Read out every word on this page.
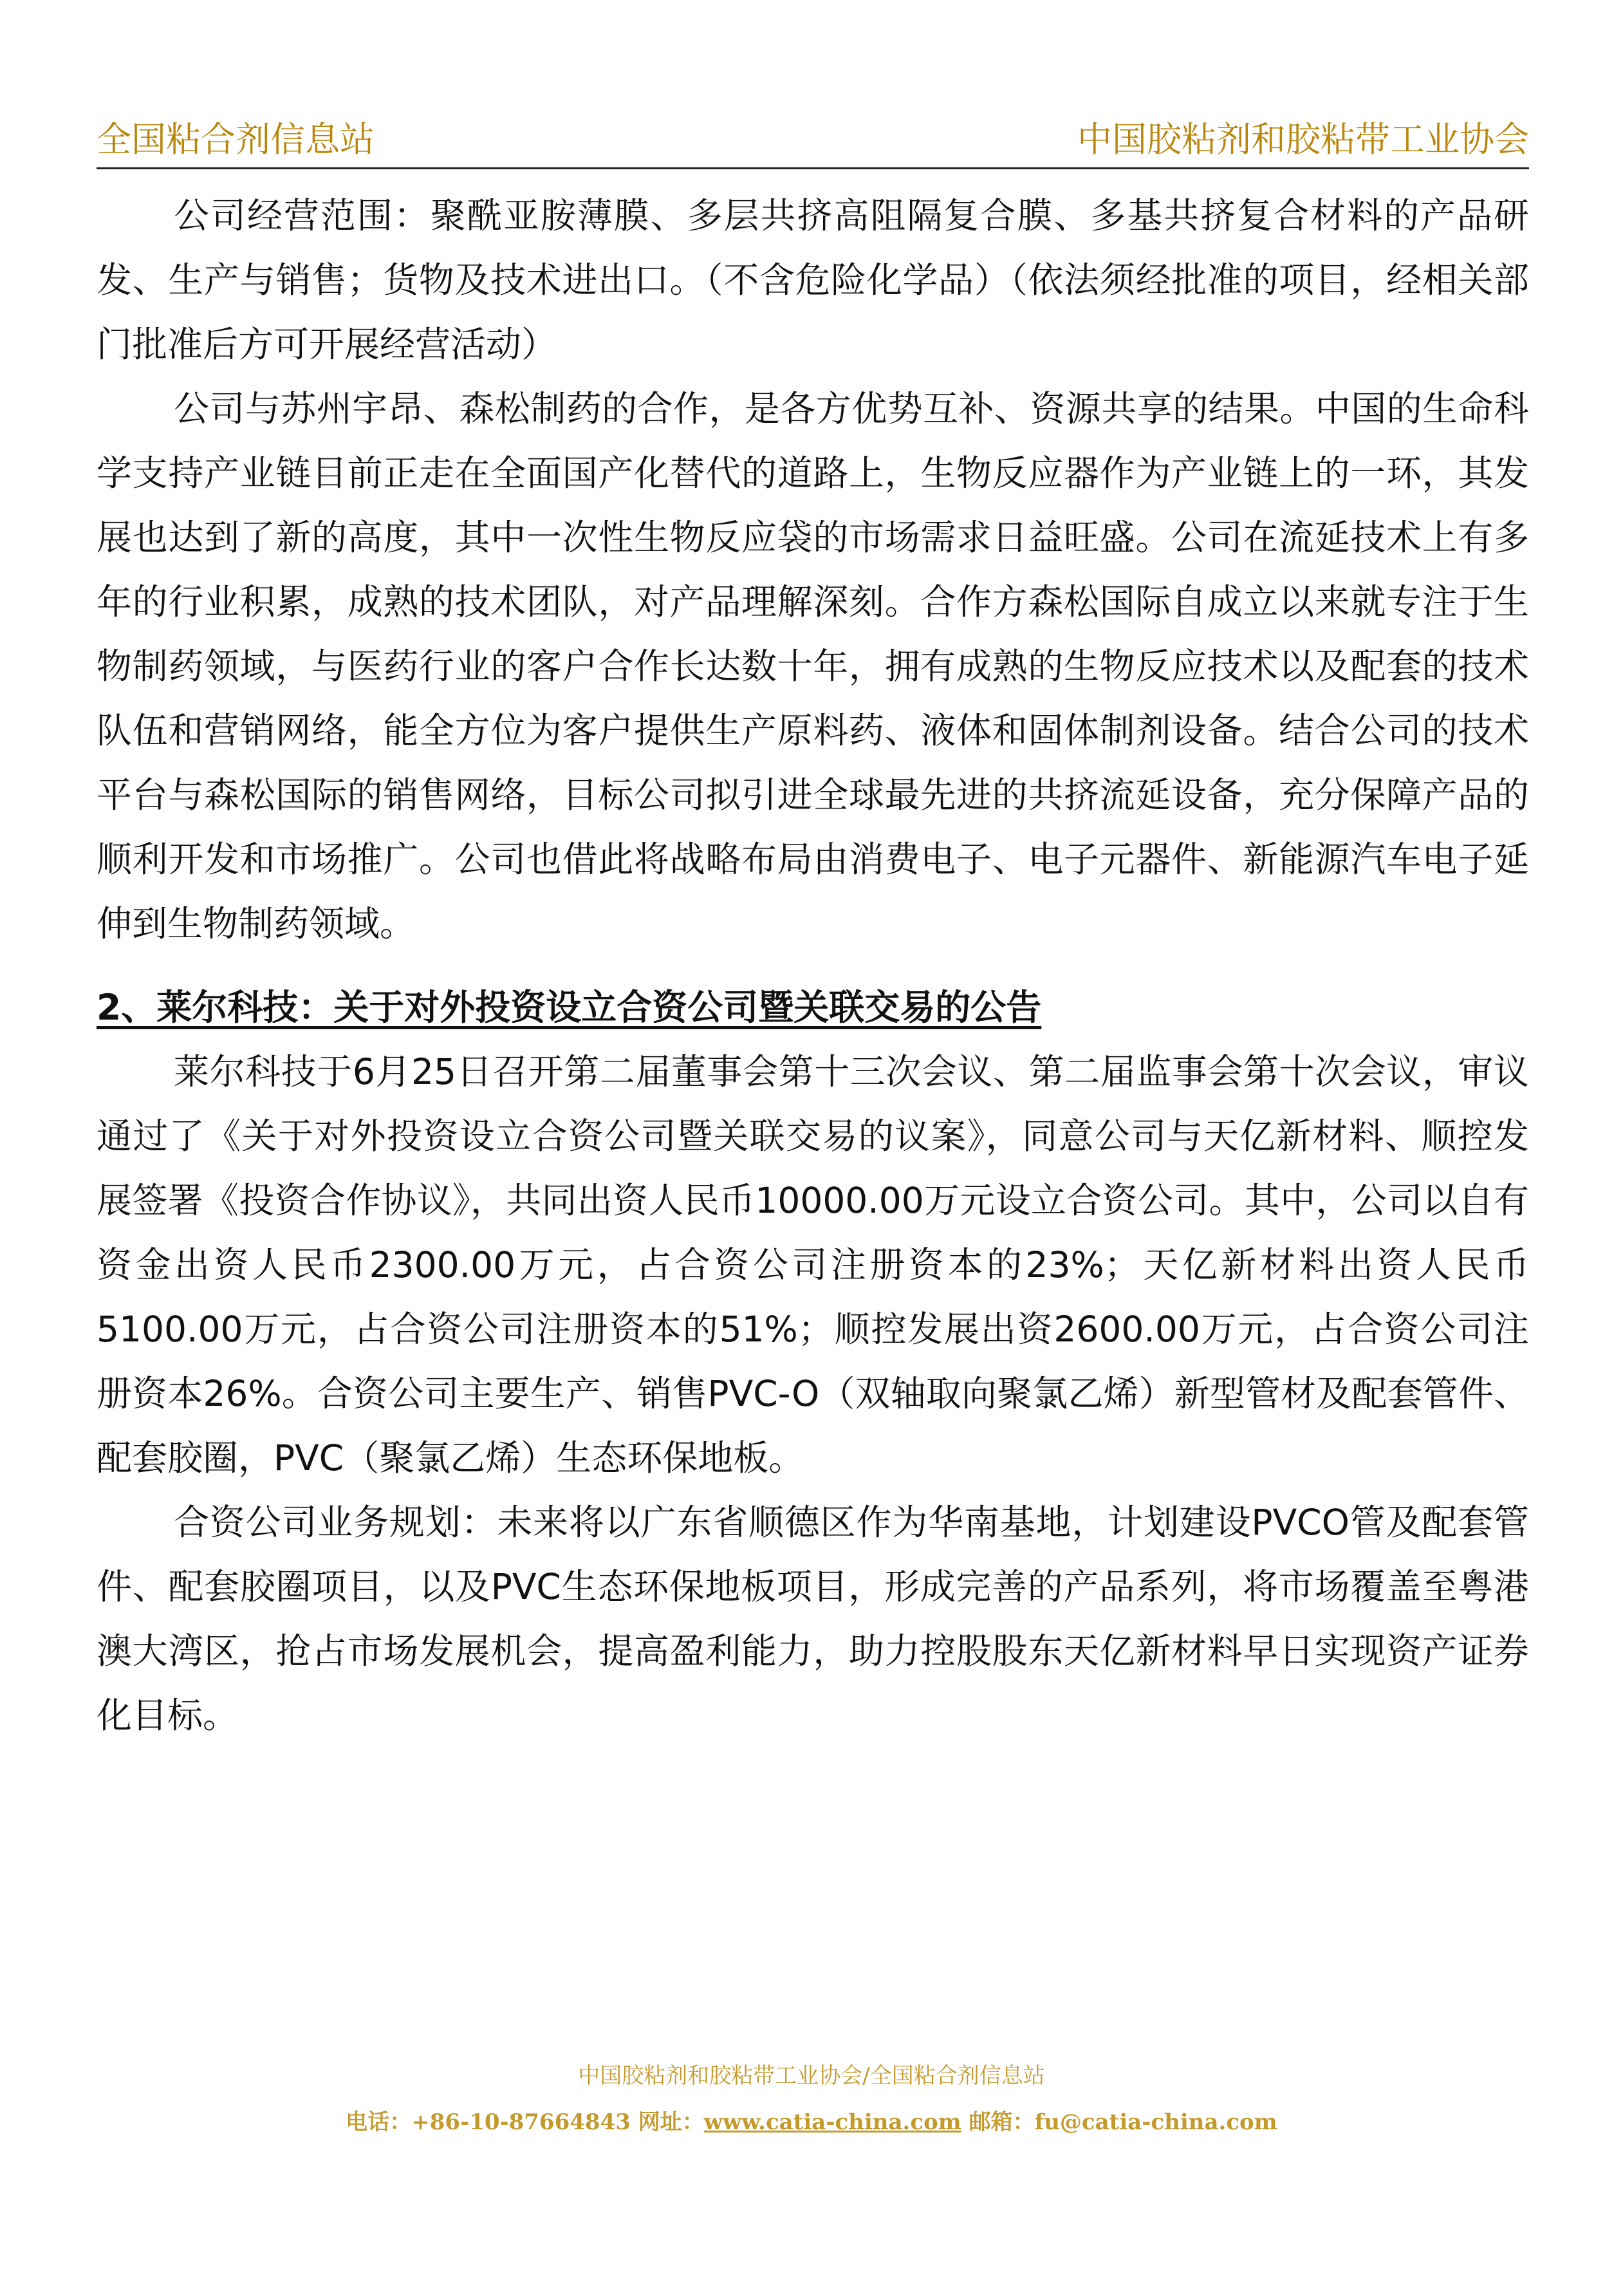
全国粘合剂信息站	中国胶粘剂和胶粘带工业协会

公司经营范围：聚酰亚胺薄膜、多层共挤高阻隔复合膜、多基共挤复合材料的产品研发、生产与销售；货物及技术进出口。（不含危险化学品）（依法须经批准的项目，经相关部门批准后方可开展经营活动）

公司与苏州宇昂、森松制药的合作，是各方优势互补、资源共享的结果。中国的生命科学支持产业链目前正走在全面国产化替代的道路上，生物反应器作为产业链上的一环，其发展也达到了新的高度，其中一次性生物反应袋的市场需求日益旺盛。公司在流延技术上有多年的行业积累，成熟的技术团队，对产品理解深刻。合作方森松国际自成立以来就专注于生物制药领域，与医药行业的客户合作长达数十年，拥有成熟的生物反应技术以及配套的技术队伍和营销网络，能全方位为客户提供生产原料药、液体和固体制剂设备。结合公司的技术平台与森松国际的销售网络，目标公司拟引进全球最先进的共挤流延设备，充分保障产品的顺利开发和市场推广。公司也借此将战略布局由消费电子、电子元器件、新能源汽车电子延伸到生物制药领域。

2、莱尔科技：关于对外投资设立合资公司暨关联交易的公告

莱尔科技于6月25日召开第二届董事会第十三次会议、第二届监事会第十次会议，审议通过了《关于对外投资设立合资公司暨关联交易的议案》，同意公司与天亿新材料、顺控发展签署《投资合作协议》，共同出资人民币10000.00万元设立合资公司。其中，公司以自有资金出资人民币2300.00万元，占合资公司注册资本的23%；天亿新材料出资人民币5100.00万元，占合资公司注册资本的51%；顺控发展出资2600.00万元，占合资公司注册资本26%。合资公司主要生产、销售PVC-O（双轴取向聚氯乙烯）新型管材及配套管件、配套胶圈，PVC（聚氯乙烯）生态环保地板。

合资公司业务规划：未来将以广东省顺德区作为华南基地，计划建设PVCO管及配套管件、配套胶圈项目，以及PVC生态环保地板项目，形成完善的产品系列，将市场覆盖至粤港澳大湾区，抢占市场发展机会，提高盈利能力，助力控股股东天亿新材料早日实现资产证券化目标。

中国胶粘剂和胶粘带工业协会/全国粘合剂信息站
电话：+86-10-87664843 网址：www.catia-china.com 邮箱：fu@catia-china.com
